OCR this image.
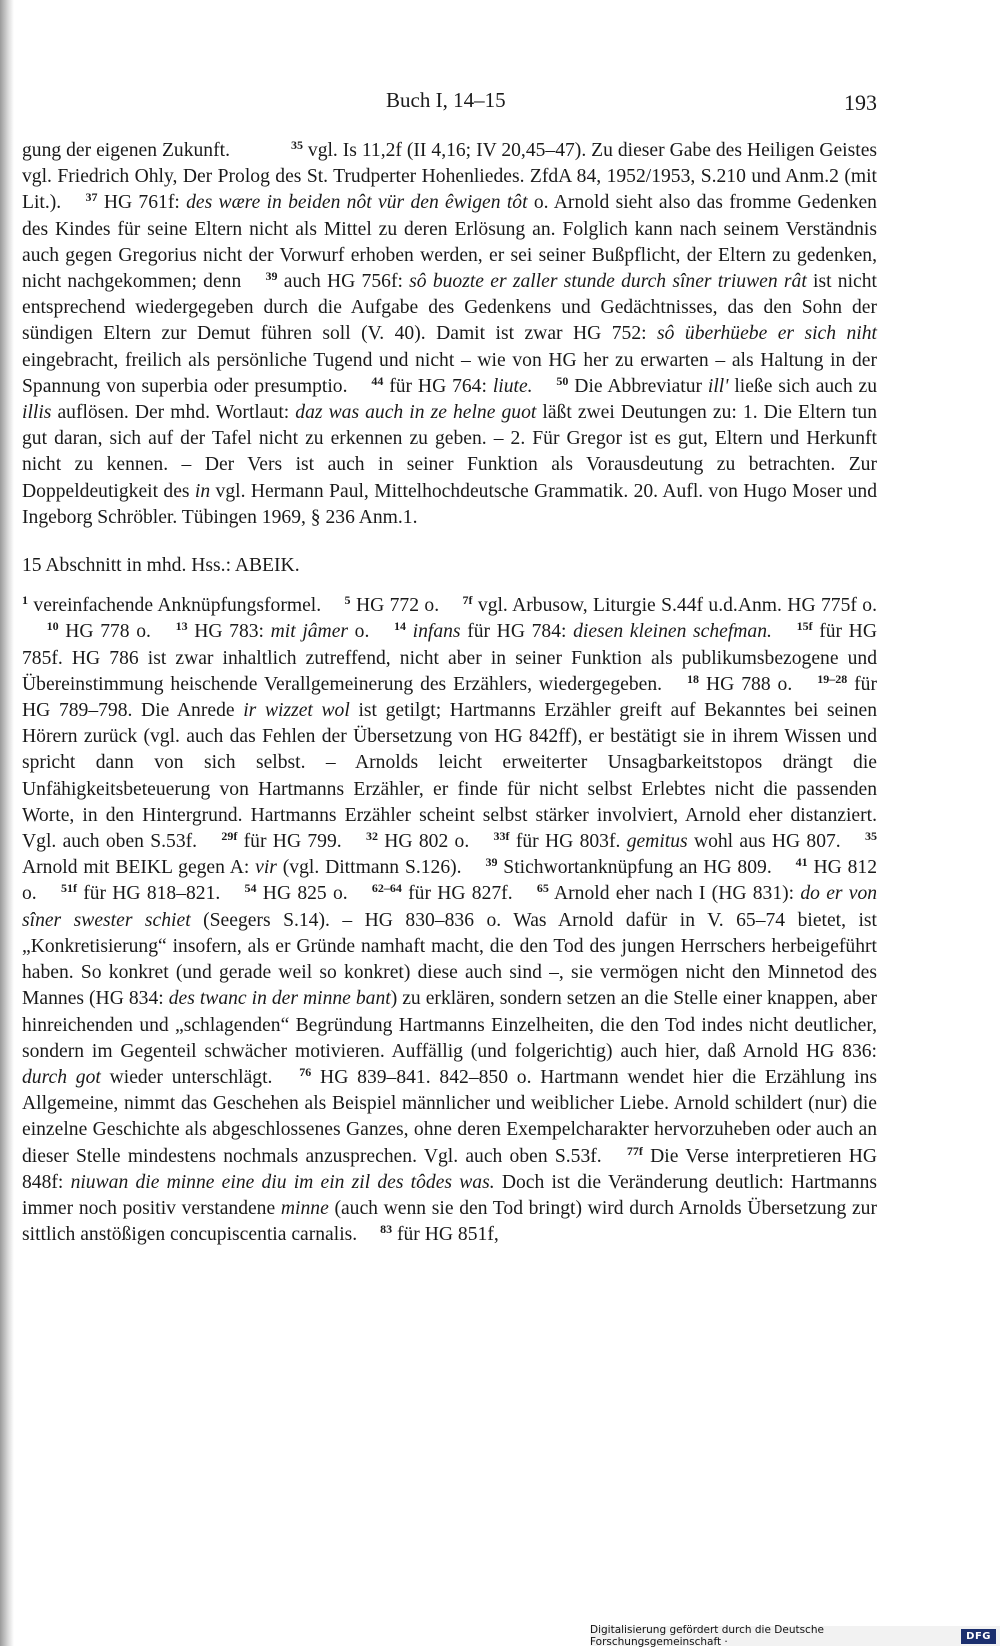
Buch I, 14–15	193

gung der eigenen Zukunft.	$^{35}$ vgl. Is 11,2f (II 4,16; IV 20,45–47). Zu dieser Gabe des Heiligen Geistes vgl. Friedrich Ohly, Der Prolog des St. Trudperter Hohenliedes. ZfdA 84, 1952/1953, S.210 und Anm.2 (mit Lit.). $^{37}$ HG 761f: des wære in beiden nôt vür den êwigen tôt o. Arnold sieht also das fromme Gedenken des Kindes für seine Eltern nicht als Mittel zu deren Erlösung an. Folglich kann nach seinem Verständnis auch gegen Gregorius nicht der Vorwurf erhoben werden, er sei seiner Bußpflicht, der Eltern zu gedenken, nicht nachgekommen; denn $^{39}$ auch HG 756f: sô buozte er zaller stunde durch sîner triuwen rât ist nicht entsprechend wiedergegeben durch die Aufgabe des Gedenkens und Gedächtnisses, das den Sohn der sündigen Eltern zur Demut führen soll (V. 40). Damit ist zwar HG 752: sô überhüebe er sich niht eingebracht, freilich als persönliche Tugend und nicht – wie von HG her zu erwarten – als Haltung in der Spannung von superbia oder presumptio. $^{44}$ für HG 764: liute. $^{50}$ Die Abbreviatur ill' ließe sich auch zu illis auflösen. Der mhd. Wortlaut: daz was auch in ze helne guot läßt zwei Deutungen zu: 1. Die Eltern tun gut daran, sich auf der Tafel nicht zu erkennen zu geben. – 2. Für Gregor ist es gut, Eltern und Herkunft nicht zu kennen. – Der Vers ist auch in seiner Funktion als Vorausdeutung zu betrachten. Zur Doppeldeutigkeit des in vgl. Hermann Paul, Mittelhochdeutsche Grammatik. 20. Aufl. von Hugo Moser und Ingeborg Schröbler. Tübingen 1969, § 236 Anm.1.

15 Abschnitt in mhd. Hss.: ABEIK.

$^1$ vereinfachende Anknüpfungsformel. $^5$ HG 772 o. $^{7f}$ vgl. Arbusow, Liturgie S.44f u.d.Anm. HG 775f o. $^{10}$ HG 778 o. $^{13}$ HG 783: mit jâmer o. $^{14}$ infans für HG 784: diesen kleinen schefman. $^{15f}$ für HG 785f. HG 786 ist zwar inhaltlich zutreffend, nicht aber in seiner Funktion als publikumsbezogene und Übereinstimmung heischende Verallgemeinerung des Erzählers, wiedergegeben. $^{18}$ HG 788 o. $^{19-28}$ für HG 789–798. Die Anrede ir wizzet wol ist getilgt; Hartmanns Erzähler greift auf Bekanntes bei seinen Hörern zurück (vgl. auch das Fehlen der Übersetzung von HG 842ff), er bestätigt sie in ihrem Wissen und spricht dann von sich selbst. – Arnolds leicht erweiterter Unsagbarkeitstopos drängt die Unfähigkeitsbeteuerung von Hartmanns Erzähler, er finde für nicht selbst Erlebtes nicht die passenden Worte, in den Hintergrund. Hartmanns Erzähler scheint selbst stärker involviert, Arnold eher distanziert. Vgl. auch oben S.53f. $^{29f}$ für HG 799. $^{32}$ HG 802 o. $^{33f}$ für HG 803f. gemitus wohl aus HG 807. $^{35}$ Arnold mit BEIKL gegen A: vir (vgl. Dittmann S.126). $^{39}$ Stichwortanknüpfung an HG 809. $^{41}$ HG 812 o. $^{51f}$ für HG 818–821. $^{54}$ HG 825 o. $^{62-64}$ für HG 827f. $^{65}$ Arnold eher nach I (HG 831): do er von sîner swester schiet (Seegers S.14). – HG 830–836 o. Was Arnold dafür in V. 65–74 bietet, ist „Konkretisierung“ insofern, als er Gründe namhaft macht, die den Tod des jungen Herrschers herbeigeführt haben. So konkret (und gerade weil so konkret) diese auch sind –, sie vermögen nicht den Minnetod des Mannes (HG 834: des twanc in der minne bant) zu erklären, sondern setzen an die Stelle einer knappen, aber hinreichenden und „schlagenden“ Begründung Hartmanns Einzelheiten, die den Tod indes nicht deutlicher, sondern im Gegenteil schwächer motivieren. Auffällig (und folgerichtig) auch hier, daß Arnold HG 836: durch got wieder unterschlägt. $^{76}$ HG 839–841. 842–850 o. Hartmann wendet hier die Erzählung ins Allgemeine, nimmt das Geschehen als Beispiel männlicher und weiblicher Liebe. Arnold schildert (nur) die einzelne Geschichte als abgeschlossenes Ganzes, ohne deren Exempelcharakter hervorzuheben oder auch an dieser Stelle mindestens nochmals anzusprechen. Vgl. auch oben S.53f. $^{77f}$ Die Verse interpretieren HG 848f: niuwan die minne eine diu im ein zil des tôdes was. Doch ist die Veränderung deutlich: Hartmanns immer noch positiv verstandene minne (auch wenn sie den Tod bringt) wird durch Arnolds Übersetzung zur sittlich anstößigen concupiscentia carnalis. $^{83}$ für HG 851f,

Digitalisierung gefördert durch die Deutsche Forschungsgemeinschaft ·	DFG
